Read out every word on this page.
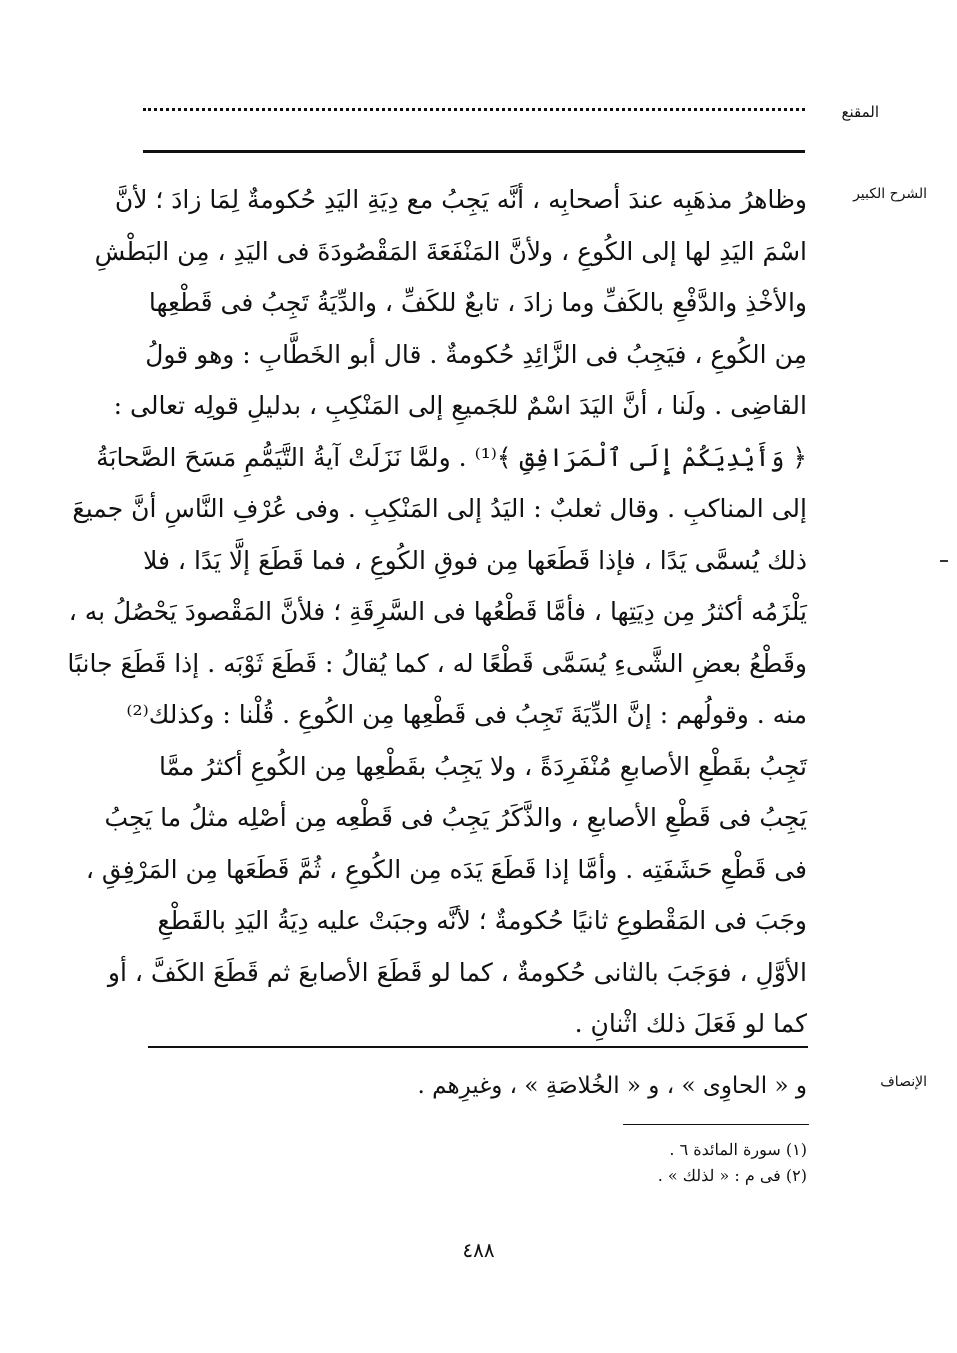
المقنع
الشرح الكبير

وظاهرُ مذهَبِه عندَ أصحابِه ، أنَّه يَجِبُ مع دِيَةِ اليَدِ حُكومةٌ لِمَا زادَ ؛ لأنَّ
اسْمَ اليَدِ لها إلى الكُوعِ ، ولأنَّ المَنْفَعَةَ المَقْصُودَةَ فى اليَدِ ، مِن البَطْشِ
والأخْذِ والدَّفْعِ بالكَفِّ وما زادَ ، تابعٌ للكَفِّ ، والدِّيَةُ تَجِبُ فى قَطْعِها
مِن الكُوعِ ، فيَجِبُ فى الزَّائِدِ حُكومةٌ . قال أبو الخَطَّابِ : وهو قولُ
القاضِى . ولَنا ، أنَّ اليَدَ اسْمٌ للجَميعِ إلى المَنْكِبِ ، بدليلِ قولِه تعالى :
﴿ وَأَيْدِيَكُمْ إِلَى ٱلْمَرَافِقِ ﴾⁽¹⁾ . ولمَّا نَزَلَتْ آيةُ التَّيَمُّمِ مَسَحَ الصَّحابَةُ
إلى المناكبِ . وقال ثعلبٌ : اليَدُ إلى المَنْكِبِ . وفى عُرْفِ النَّاسِ أنَّ جميعَ
ذلك يُسمَّى يَدًا ، فإذا قَطَعَها مِن فوقِ الكُوعِ ، فما قَطَعَ إلَّا يَدًا ، فلا
يَلْزَمُه أكثرُ مِن دِيَتِها ، فأمَّا قَطْعُها فى السَّرِقَةِ ؛ فلأنَّ المَقْصودَ يَحْصُلُ به ،
وقَطْعُ بعضِ الشَّىءِ يُسَمَّى قَطْعًا له ، كما يُقالُ : قَطَعَ ثَوْبَه . إذا قَطَعَ جانبًا
منه . وقولُهم : إنَّ الدِّيَةَ تَجِبُ فى قَطْعِها مِن الكُوعِ . قُلْنا : وكذلك⁽²⁾
تَجِبُ بقَطْعِ الأصابعِ مُنْفَرِدَةً ، ولا يَجِبُ بقَطْعِها مِن الكُوعِ أكثرُ ممَّا
يَجِبُ فى قَطْعِ الأصابعِ ، والذَّكَرُ يَجِبُ فى قَطْعِه مِن أصْلِه مثلُ ما يَجِبُ
فى قَطْعِ حَشَفَتِه . وأمَّا إذا قَطَعَ يَدَه مِن الكُوعِ ، ثُمَّ قَطَعَها مِن المَرْفِقِ ،
وجَبَ فى المَقْطوعِ ثانيًا حُكومةٌ ؛ لأنَّه وجبَتْ عليه دِيَةُ اليَدِ بالقَطْعِ
الأوَّلِ ، فوَجَبَ بالثانى حُكومةٌ ، كما لو قَطَعَ الأصابعَ ثم قَطَعَ الكَفَّ ، أو
كما لو فَعَلَ ذلك اثْنانِ .

الإنصاف
و « الحاوِى » ، و « الخُلاصَةِ » ، وغيرِهم .
(١) سورة المائدة ٦ .
(٢) فى م : « لذلك » .
٤٨٨
